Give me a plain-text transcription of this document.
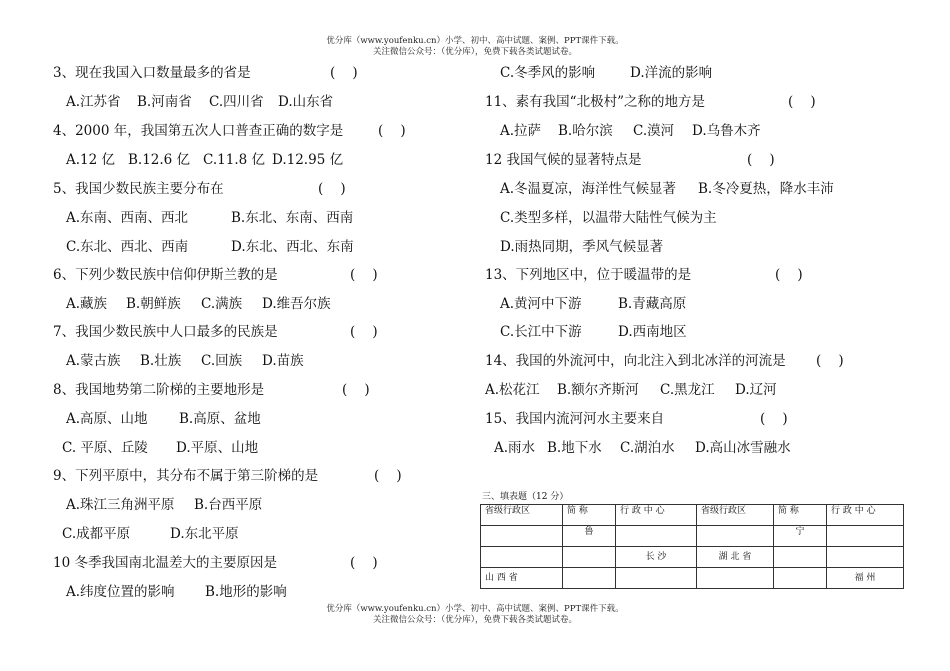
优分库（www.youfenku.cn）小学、初中、高中试题、案例、PPT课件下载。
关注微信公众号：（优分库），免费下载各类试题试卷。
优分库（www.youfenku.cn）小学、初中、高中试题、案例、PPT课件下载。
关注微信公众号：（优分库），免费下载各类试题试卷。
3、现在我国入口数量最多的省是	(    )
A.江苏省 B.河南省 C.四川省 D.山东省
4、2000 年，我国第五次人口普查正确的数字是	(    )
A.12 亿 B.12.6 亿 C.11.8 亿 D.12.95 亿
5、我国少数民族主要分布在	(    )
A.东南、西南、西北	B.东北、东南、西南
C.东北、西北、西南	D.东北、西北、东南
6、下列少数民族中信仰伊斯兰教的是	(    )
A.藏族 B.朝鲜族 C.满族 D.维吾尔族
7、我国少数民族中人口最多的民族是	(    )
A.蒙古族 B.壮族 C.回族 D.苗族
8、我国地势第二阶梯的主要地形是	(    )
A.高原、山地 B.高原、盆地
C. 平原、丘陵 D.平原、山地
9、下列平原中，其分布不属于第三阶梯的是	(    )
A.珠江三角洲平原 B.台西平原
C.成都平原	D.东北平原
10 冬季我国南北温差大的主要原因是	(    )
A.纬度位置的影响 B.地形的影响
C.冬季风的影响	D.洋流的影响
11、素有我国“北极村”之称的地方是	(    )
A.拉萨 B.哈尔滨 C.漠河 D.乌鲁木齐
12 我国气候的显著特点是	(    )
A.冬温夏凉，海洋性气候显著 B.冬冷夏热，降水丰沛
C.类型多样，以温带大陆性气候为主
D.雨热同期，季风气候显著
13、下列地区中，位于暖温带的是	(    )
A.黄河中下游	B.青藏高原
C.长江中下游	D.西南地区
14、我国的外流河中，向北注入到北冰洋的河流是 (    )
A.松花江 B.额尔齐斯河 C.黑龙江 D.辽河
15、我国内流河河水主要来自	(    )
A.雨水 B.地下水 C.湖泊水 D.高山冰雪融水
三、填表题（12 分）
省级行政区	简 称	行 政 中 心	省级行政区	简 称	行 政 中 心
	鲁			宁	
		长 沙	湖 北 省		
山 西 省					福 州
